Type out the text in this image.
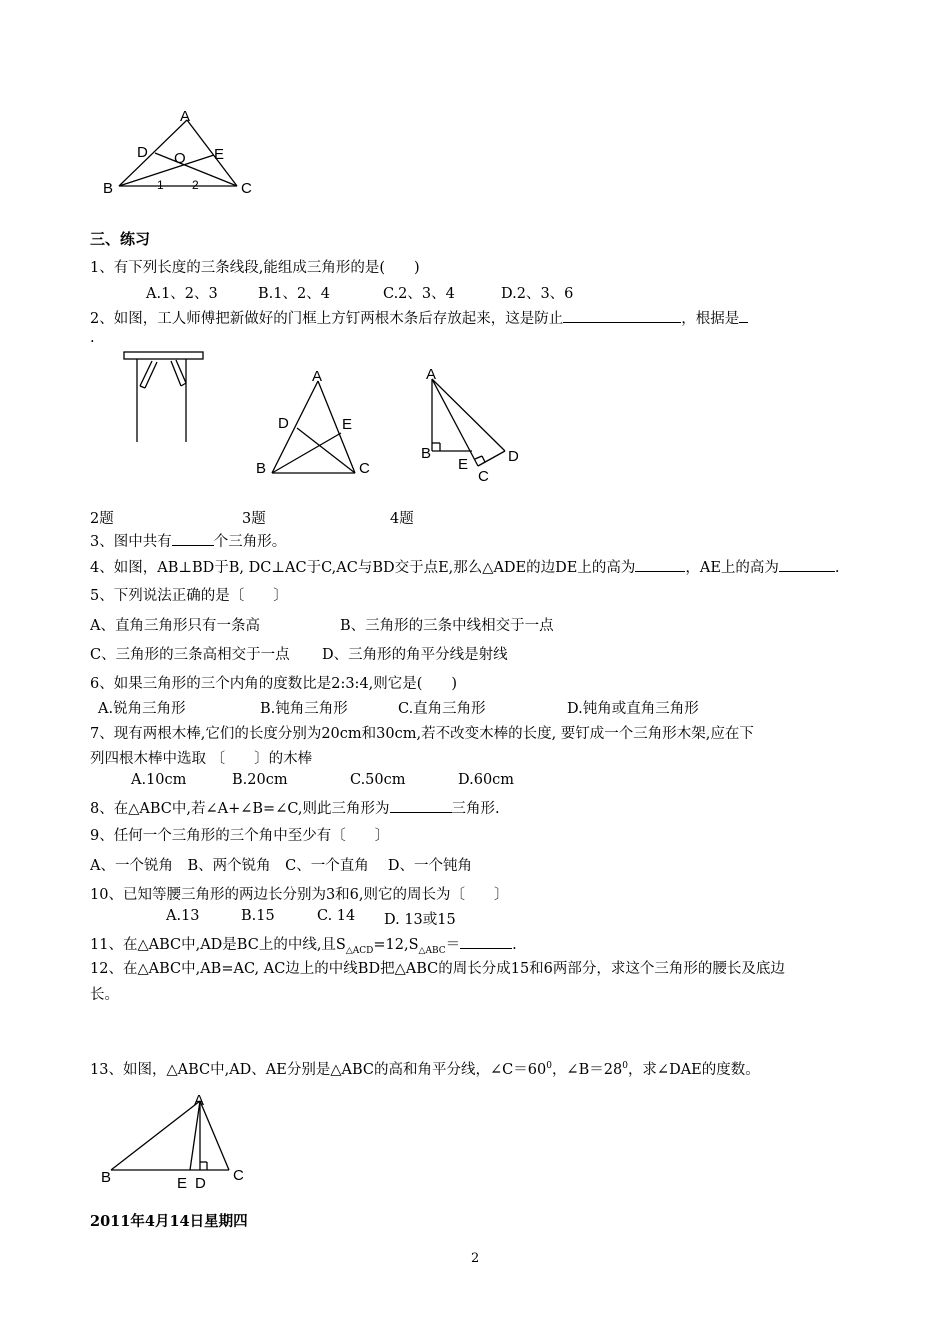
A
D O E
B	C
1 2
三、练习
1、有下列长度的三条线段,能组成三角形的是(　　)
A.1、2、3	B.1、2、4	C.2、3、4	D.2、3、6
2、如图，工人师傅把新做好的门框上方钉两根木条后存放起来，这是防止	，根据是
.
A
D	E
B	C
A
B
E	D
C
2题	3题	4题
3、图中共有	个三角形。
4、如图，AB⊥BD于B, DC⊥AC于C,AC与BD交于点E,那么△ADE的边DE上的高为	，AE上的高为	.
5、下列说法正确的是〔　　〕
A、直角三角形只有一条高	B、三角形的三条中线相交于一点
C、三角形的三条高相交于一点 D、三角形的角平分线是射线
6、如果三角形的三个内角的度数比是2:3:4,则它是(　　)
A.锐角三角形	B.钝角三角形	C.直角三角形	D.钝角或直角三角形
7、现有两根木棒,它们的长度分别为20cm和30cm,若不改变木棒的长度, 要钉成一个三角形木架,应在下
列四根木棒中选取 〔　　〕的木棒
A.10cm	B.20cm	C.50cm	D.60cm
8、在△ABC中,若∠A+∠B=∠C,则此三角形为	三角形.
9、任何一个三角形的三个角中至少有〔　　〕
A、一个锐角　B、两个锐角　C、一个直角　 D、一个钝角
10、已知等腰三角形的两边长分别为3和6,则它的周长为〔　　〕
A.13	B.15	C. 14 D. 13或15
11、在△ABC中,AD是BC上的中线,且$S_{\triangle ACD}=12,S_{\triangle ABC}=$	.
12、在△ABC中,AB=AC, AC边上的中线BD把△ABC的周长分成15和6两部分，求这个三角形的腰长及底边
长。
13、如图，△ABC中,AD、AE分别是△ABC的高和角平分线，$\angle C=60^0$，$\angle B=28^0$，求∠DAE的度数。
A
B	C
E D
2011年4月14日星期四
2
